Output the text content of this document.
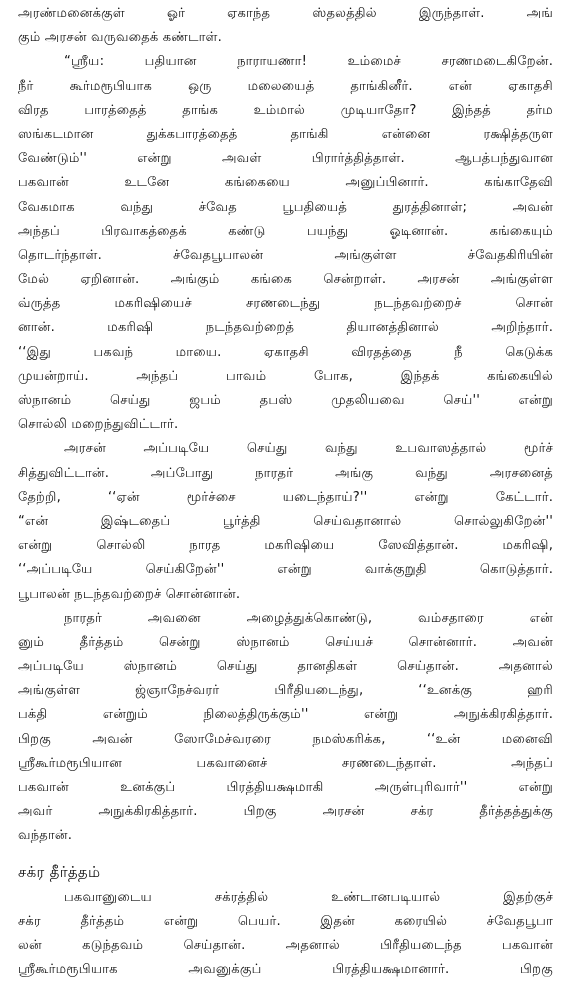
அரண்மனைக்குள் ஓர் ஏகாந்த ஸ்தலத்தில் இருந்தாள். அங்
கும் அரசன் வருவதைக் கண்டாள்.
“ஸ்ரீய: பதியான நாராயணா! உம்மைச் சரணமடைகிறேன்.
நீர் கூர்மரூபியாக ஒரு மலையைத் தாங்கினீர். என் ஏகாதசி
விரத பாரத்தைத் தாங்க உம்மால் முடியாதோ? இந்தத் தர்ம
ஸங்கடமான துக்கபாரத்தைத் தாங்கி என்னை ரக்ஷித்தருள
வேண்டும்'' என்று அவள் பிரார்த்தித்தாள். ஆபத்பந்துவான
பகவான் உடனே கங்கையை அனுப்பினார். கங்காதேவி
வேகமாக வந்து ச்வேத பூபதியைத் துரத்தினாள்; அவன்
அந்தப் பிரவாகத்தைக் கண்டு பயந்து ஓடினான். கங்கையும்
தொடர்ந்தாள். ச்வேதபூபாலன் அங்குள்ள ச்வேதகிரியின்
மேல் ஏறினான். அங்கும் கங்கை சென்றாள். அரசன் அங்குள்ள
வ்ருத்த மகரிஷியைச் சரணடைந்து நடந்தவற்றைச் சொன்
னான். மகரிஷி நடந்தவற்றைத் தியானத்தினால் அறிந்தார்.
‘‘இது பகவந் மாயை. ஏகாதசி விரதத்தை நீ கெடுக்க
முயன்றாய். அந்தப் பாவம் போக, இந்தக் கங்கையில்
ஸ்நானம் செய்து ஜபம் தபஸ் முதலியவை செய்'' என்று
சொல்லி மறைந்துவிட்டார்.
அரசன் அப்படியே செய்து வந்து உபவாஸத்தால் மூர்ச்
சித்துவிட்டான். அப்போது நாரதர் அங்கு வந்து அரசனைத்
தேற்றி, ‘‘ஏன் மூர்ச்சை யடைந்தாய்?'' என்று கேட்டார்.
“என் இஷ்டதைப் பூர்த்தி செய்வதானால் சொல்லுகிறேன்''
என்று சொல்லி நாரத மகரிஷியை ஸேவித்தான். மகரிஷி,
‘‘அப்படியே செய்கிறேன்'' என்று வாக்குறுதி கொடுத்தார்.
பூபாலன் நடந்தவற்றைச் சொன்னான்.
நாரதர் அவனை அழைத்துக்கொண்டு, வம்சதாரை என்
னும் தீர்த்தம் சென்று ஸ்நானம் செய்யச் சொன்னார். அவன்
அப்படியே ஸ்நானம் செய்து தானதிகள் செய்தான். அதனால்
அங்குள்ள ஜ்ஞாநேச்வரர் பிரீதியடைந்து, ‘‘உனக்கு ஹரி
பக்தி என்றும் நிலைத்திருக்கும்'' என்று அநுக்கிரகித்தார்.
பிறகு அவன் ஸோமேச்வரரை நமஸ்கரிக்க, ‘‘உன் மனைவி
ஸ்ரீகூர்மரூபியான பகவானைச் சரணடைந்தாள். அந்தப்
பகவான் உனக்குப் பிரத்தியக்ஷமாகி அருள்புரிவார்'' என்று
அவர் அநுக்கிரகித்தார். பிறகு அரசன் சக்ர தீர்த்தத்துக்கு
வந்தான்.
சக்ர தீர்த்தம்
பகவானுடைய சக்ரத்தில் உண்டானபடியால் இதற்குச்
சக்ர தீர்த்தம் என்று பெயர். இதன் கரையில் ச்வேதபூபா
லன் கடுந்தவம் செய்தான். அதனால் பிரீதியடைந்த பகவான்
ஸ்ரீகூர்மரூபியாக அவனுக்குப் பிரத்தியக்ஷமானார். பிறகு
